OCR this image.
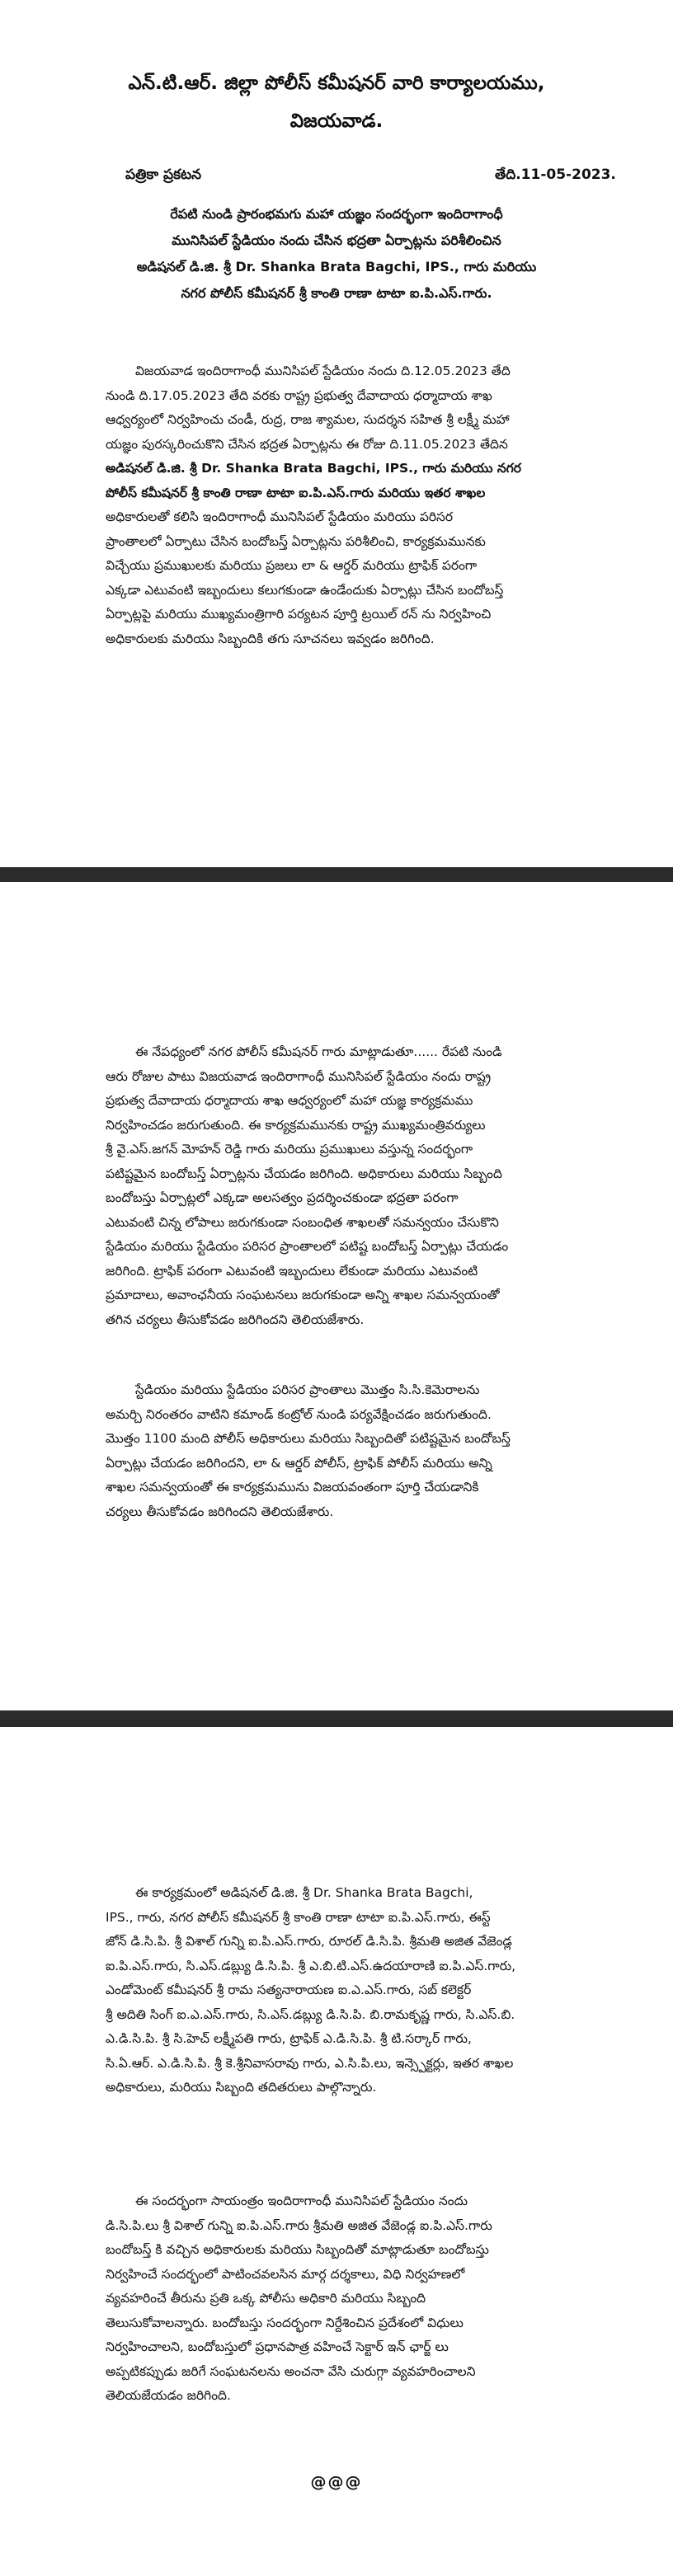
ఎన్.టి.ఆర్. జిల్లా పోలీస్ కమీషనర్ వారి కార్యాలయము,
విజయవాడ.
పత్రికా ప్రకటన	తేది.11-05-2023.
రేపటి నుండి ప్రారంభమగు మహా యజ్ఞం సందర్భంగా ఇందిరాగాంధీ
మునిసిపల్ స్టేడియం నందు చేసిన భద్రతా ఏర్పాట్లను పరిశీలించిన
అడిషనల్ డి.జి. శ్రీ Dr. Shanka Brata Bagchi, IPS., గారు మరియు
నగర పోలీస్ కమీషనర్ శ్రీ కాంతి రాణా టాటా ఐ.పి.ఎస్.గారు.
విజయవాడ ఇందిరాగాంధీ మునిసిపల్ స్టేడియం నందు ది.12.05.2023 తేది
నుండి ది.17.05.2023 తేది వరకు రాష్ట్ర ప్రభుత్వ దేవాదాయ ధర్మాదాయ శాఖ
ఆధ్వర్యంలో నిర్వహించు చండీ, రుద్ర, రాజ శ్యామల, సుదర్శన సహిత శ్రీ లక్ష్మీ మహా
యజ్ఞం పురస్కరించుకొని చేసిన భద్రత ఏర్పాట్లను ఈ రోజు ది.11.05.2023 తేదిన
అడిషనల్ డి.జి. శ్రీ Dr. Shanka Brata Bagchi, IPS., గారు మరియు నగర
పోలీస్ కమీషనర్ శ్రీ కాంతి రాణా టాటా ఐ.పి.ఎస్.గారు మరియు ఇతర శాఖల
అధికారులతో కలిసి ఇందిరాగాంధీ మునిసిపల్ స్టేడియం మరియు పరిసర
ప్రాంతాలలో ఏర్పాటు చేసిన బందోబస్త్ ఏర్పాట్లను పరిశీలించి, కార్యక్రమమునకు
విచ్చేయు ప్రముఖులకు మరియు ప్రజలు లా & ఆర్డర్ మరియు ట్రాఫిక్ పరంగా
ఎక్కడా ఎటువంటి ఇబ్బందులు కలుగకుండా ఉండేందుకు ఏర్పాట్లు చేసిన బందోబస్త్
ఏర్పాట్లపై మరియు ముఖ్యమంత్రిగారి పర్యటన పూర్తి ట్రయిల్ రన్ ను నిర్వహించి
అధికారులకు మరియు సిబ్బందికి తగు సూచనలు ఇవ్వడం జరిగింది.
ఈ నేపధ్యంలో నగర పోలీస్ కమీషనర్ గారు మాట్లాడుతూ...... రేపటి నుండి
ఆరు రోజుల పాటు విజయవాడ ఇందిరాగాంధీ మునిసిపల్ స్టేడియం నందు రాష్ట్ర
ప్రభుత్వ దేవాదాయ ధర్మాదాయ శాఖ ఆధ్వర్యంలో మహా యజ్ఞ కార్యక్రమము
నిర్వహించడం జరుగుతుంది. ఈ కార్యక్రమమునకు రాష్ట్ర ముఖ్యమంత్రివర్యులు
శ్రీ వై.ఎస్.జగన్ మోహన్ రెడ్డి గారు మరియు ప్రముఖులు వస్తున్న సందర్భంగా
పటిష్టమైన బందోబస్త్ ఏర్పాట్లను చేయడం జరిగింది. అధికారులు మరియు సిబ్బంది
బందోబస్తు ఏర్పాట్లలో ఎక్కడా అలసత్వం ప్రదర్శించకుండా భద్రతా పరంగా
ఎటువంటి చిన్న లోపాలు జరుగకుండా సంబంధిత శాఖలతో సమన్వయం చేసుకొని
స్టేడియం మరియు స్టేడియం పరిసర ప్రాంతాలలో పటిష్ట బందోబస్త్ ఏర్పాట్లు చేయడం
జరిగింది. ట్రాఫిక్ పరంగా ఎటువంటి ఇబ్బందులు లేకుండా మరియు ఎటువంటి
ప్రమాదాలు, అవాంఛనీయ సంఘటనలు జరుగకుండా అన్ని శాఖల సమన్వయంతో
తగిన చర్యలు తీసుకోవడం జరిగిందని తెలియజేశారు.
స్టేడియం మరియు స్టేడియం పరిసర ప్రాంతాలు మొత్తం సి.సి.కెమెరాలను
అమర్చి నిరంతరం వాటిని కమాండ్ కంట్రోల్ నుండి పర్యవేక్షించడం జరుగుతుంది.
మొత్తం 1100 మంది పోలీస్ అధికారులు మరియు సిబ్బందితో పటిష్టమైన బందోబస్త్
ఏర్పాట్లు చేయడం జరిగిందని, లా & ఆర్డర్ పోలీస్, ట్రాఫిక్ పోలీస్ మరియు అన్ని
శాఖల సమన్వయంతో ఈ కార్యక్రమమును విజయవంతంగా పూర్తి చేయడానికి
చర్యలు తీసుకోవడం జరిగిందని తెలియజేశారు.
ఈ కార్యక్రమంలో అడిషనల్ డి.జి. శ్రీ Dr. Shanka Brata Bagchi,
IPS., గారు, నగర పోలీస్ కమీషనర్ శ్రీ కాంతి రాణా టాటా ఐ.పి.ఎస్.గారు, ఈస్ట్
జోన్ డి.సి.పి. శ్రీ విశాల్ గున్ని ఐ.పి.ఎస్.గారు, రూరల్ డి.సి.పి. శ్రీమతి అజిత వేజెండ్ల
ఐ.పి.ఎస్.గారు, సి.ఎస్.డబ్ల్యు డి.సి.పి. శ్రీ ఎ.బి.టి.ఎస్.ఉదయారాణి ఐ.పి.ఎస్.గారు,
ఎండోమెంట్ కమీషనర్ శ్రీ రామ సత్యనారాయణ ఐ.ఎ.ఎస్.గారు, సబ్ కలెక్టర్
శ్రీ అదితి సింగ్ ఐ.ఎ.ఎస్.గారు, సి.ఎస్.డబ్ల్యు డి.సి.పి. బి.రామకృష్ణ గారు, సి.ఎస్.బి.
ఎ.డి.సి.పి. శ్రీ సి.హెచ్ లక్ష్మీపతి గారు, ట్రాఫిక్ ఎ.డి.సి.పి. శ్రీ టి.సర్కార్ గారు,
సి.ఏ.ఆర్. ఎ.డి.సి.పి. శ్రీ కె.శ్రీనివాసరావు గారు, ఎ.సి.పి.లు, ఇన్స్పెక్టర్లు, ఇతర శాఖల
అధికారులు, మరియు సిబ్బంది తదితరులు పాల్గొన్నారు.
ఈ సందర్భంగా సాయంత్రం ఇందిరాగాంధీ మునిసిపల్ స్టేడియం నందు
డి.సి.పి.లు శ్రీ విశాల్ గున్ని ఐ.పి.ఎస్.గారు శ్రీమతి అజిత వేజెండ్ల ఐ.పి.ఎస్.గారు
బందోబస్త్ కి వచ్చిన అధికారులకు మరియు సిబ్బందితో మాట్లాడుతూ బందోబస్తు
నిర్వహించే సందర్భంలో పాటించవలసిన మార్గ దర్శకాలు, విధి నిర్వహణలో
వ్యవహరించే తీరును ప్రతి ఒక్క పోలీసు అధికారి మరియు సిబ్బంది
తెలుసుకోవాలన్నారు. బందోబస్తు సందర్భంగా నిర్దేశించిన ప్రదేశంలో విధులు
నిర్వహించాలని, బందోబస్తులో ప్రధానపాత్ర వహించే సెక్టార్ ఇన్ ఛార్జ్ లు
అప్పటికప్పుడు జరిగే సంఘటనలను అంచనా వేసి చురుగ్గా వ్యవహరించాలని
తెలియజేయడం జరిగింది.
@@@
